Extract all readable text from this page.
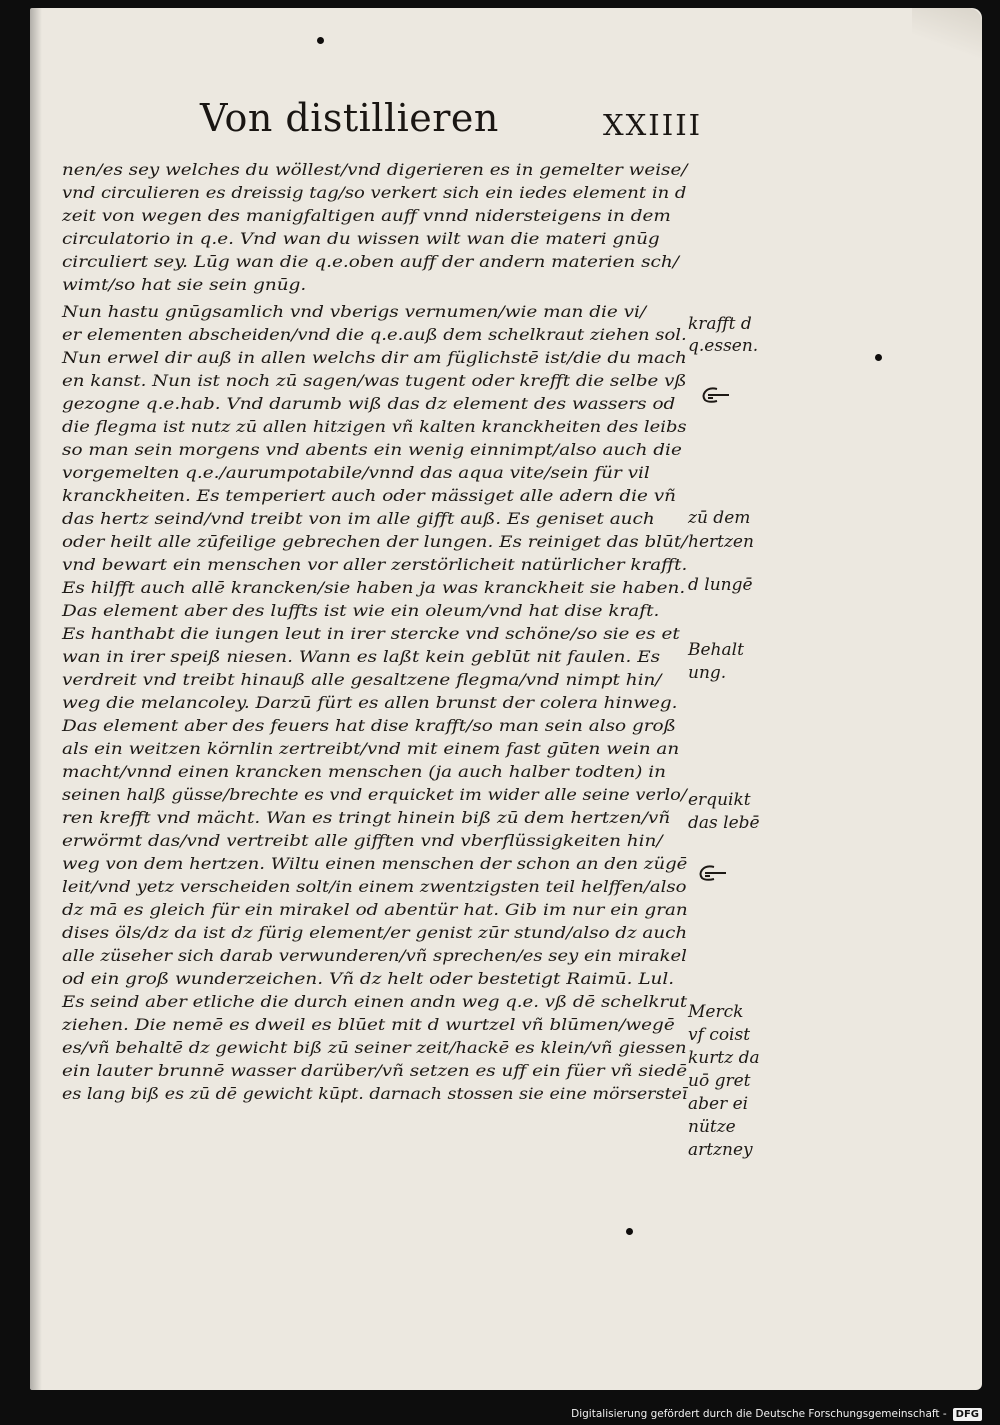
Von distillieren	XXIIII
nen/es sey welches du wöllest/vnd digerieren es in gemelter weise/
vnd circulieren es dreissig tag/so verkert sich ein iedes element in d
zeit von wegen des manigfaltigen auff vnnd nidersteigens in dem
circulatorio in q.e. Vnd wan du wissen wilt wan die materi gnūg
circuliert sey. Lūg wan die q.e.oben auff der andern materien sch/
wimt/so hat sie sein gnūg.
Nun hastu gnūgsamlich vnd vberigs vernumen/wie man die vi/
er elementen abscheiden/vnd die q.e.auß dem schelkraut ziehen sol.
Nun erwel dir auß in allen welchs dir am füglichstē ist/die du mach
en kanst. Nun ist noch zū sagen/was tugent oder krefft die selbe vß
gezogne q.e.hab. Vnd darumb wiß das dz element des wassers od
die flegma ist nutz zū allen hitzigen vñ kalten kranckheiten des leibs
so man sein morgens vnd abents ein wenig einnimpt/also auch die
vorgemelten q.e./aurumpotabile/vnnd das aqua vite/sein für vil
kranckheiten. Es temperiert auch oder mässiget alle adern die vñ
das hertz seind/vnd treibt von im alle gifft auß. Es geniset auch
oder heilt alle zūfeilige gebrechen der lungen. Es reiniget das blūt/
vnd bewart ein menschen vor aller zerstörlicheit natürlicher krafft.
Es hilfft auch allē krancken/sie haben ja was kranckheit sie haben.
Das element aber des luffts ist wie ein oleum/vnd hat dise kraft.
Es hanthabt die iungen leut in irer stercke vnd schöne/so sie es et
wan in irer speiß niesen. Wann es laßt kein geblūt nit faulen. Es
verdreit vnd treibt hinauß alle gesaltzene flegma/vnd nimpt hin/
weg die melancoley. Darzū fürt es allen brunst der colera hinweg.
Das element aber des feuers hat dise krafft/so man sein also groß
als ein weitzen körnlin zertreibt/vnd mit einem fast gūten wein an
macht/vnnd einen krancken menschen (ja auch halber todten) in
seinen halß güsse/brechte es vnd erquicket im wider alle seine verlo/
ren krefft vnd mächt. Wan es tringt hinein biß zū dem hertzen/vñ
erwörmt das/vnd vertreibt alle gifften vnd vberflüssigkeiten hin/
weg von dem hertzen. Wiltu einen menschen der schon an den zügē
leit/vnd yetz verscheiden solt/in einem zwentzigsten teil helffen/also
dz mā es gleich für ein mirakel od abentür hat. Gib im nur ein gran
dises öls/dz da ist dz fürig element/er genist zūr stund/also dz auch
alle züseher sich darab verwunderen/vñ sprechen/es sey ein mirakel
od ein groß wunderzeichen. Vñ dz helt oder bestetigt Raimū. Lul.
Es seind aber etliche die durch einen andn weg q.e. vß dē schelkrut
ziehen. Die nemē es dweil es blūet mit d wurtzel vñ blūmen/wegē
es/vñ behaltē dz gewicht biß zū seiner zeit/hackē es klein/vñ giessen
ein lauter brunnē wasser darüber/vñ setzen es uff ein füer vñ siedē
es lang biß es zū dē gewicht kūpt. darnach stossen sie eine mörsersteī
krafft d
q.essen.
zū dem
hertzen
d lungē
Behalt
ung.
erquikt
das lebē
Merck
vf coist
kurtz da
uō gret
aber ei
nütze
artzney
Digitalisierung gefördert durch die Deutsche Forschungsgemeinschaft - DFG
